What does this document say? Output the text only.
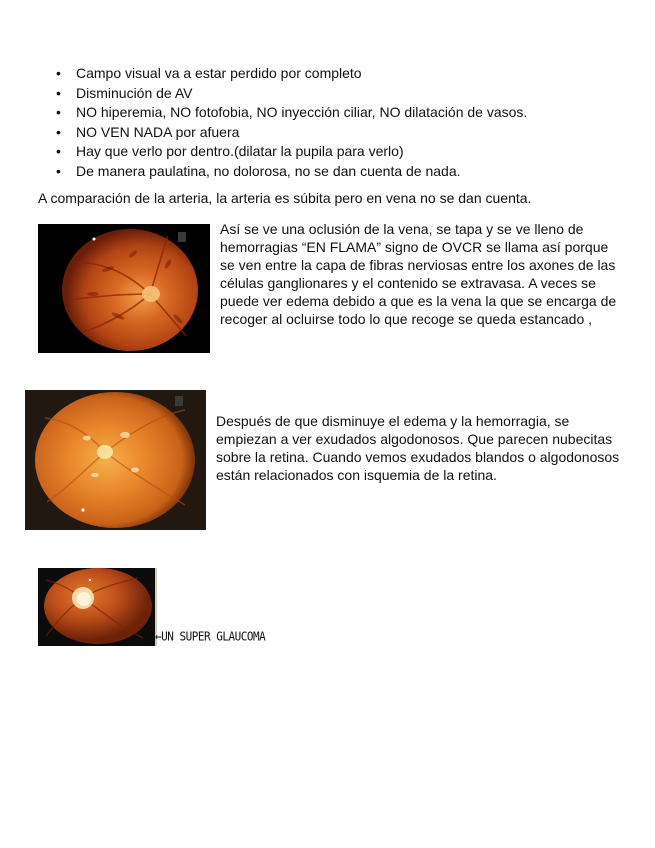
• Campo visual va a estar perdido por completo
• Disminución de AV
• NO hiperemia, NO fotofobia, NO inyección ciliar, NO dilatación de vasos.
• NO VEN NADA por afuera
• Hay que verlo por dentro.(dilatar la pupila para verlo)
• De manera paulatina, no dolorosa, no se dan cuenta de nada.

A comparación de la arteria, la arteria es súbita pero en vena no se dan cuenta.

Así se ve una oclusión de la vena, se tapa y se ve lleno de hemorragias “EN FLAMA” signo de OVCR se llama así porque se ven entre la capa de fibras nerviosas entre los axones de las células ganglionares y el contenido se extravasa. A veces se puede ver edema debido a que es la vena la que se encarga de recoger al ocluirse todo lo que recoge se queda estancado ,

Después de que disminuye el edema y la hemorragia, se empiezan a ver exudados algodonosos. Que parecen nubecitas sobre la retina. Cuando vemos exudados blandos o algodonosos están relacionados con isquemia de la retina.

←UN SUPER GLAUCOMA
